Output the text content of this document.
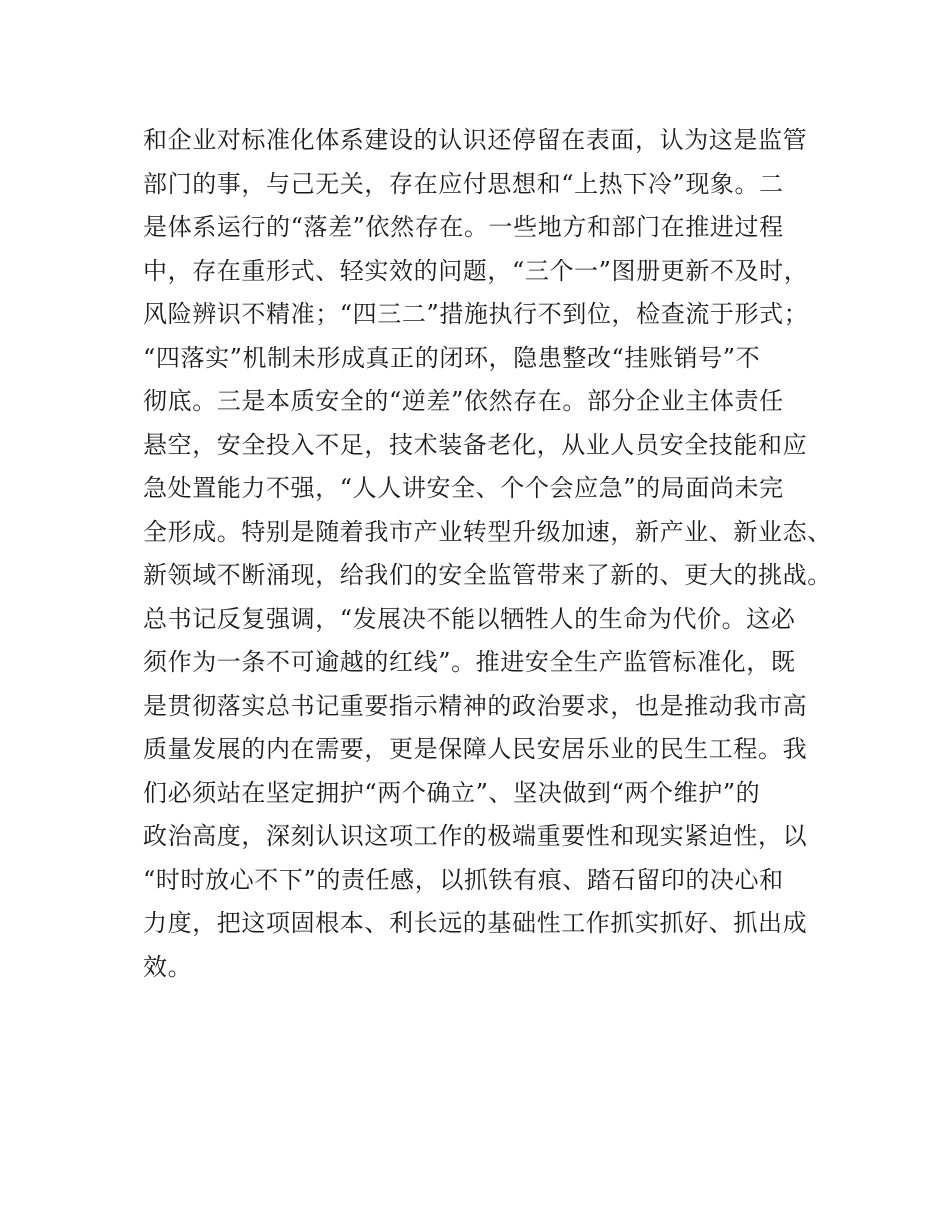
和企业对标准化体系建设的认识还停留在表面，认为这是监管
部门的事，与己无关，存在应付思想和“上热下冷”现象。二
是体系运行的“落差”依然存在。一些地方和部门在推进过程
中，存在重形式、轻实效的问题，“三个一”图册更新不及时，
风险辨识不精准；“四三二”措施执行不到位，检查流于形式；
“四落实”机制未形成真正的闭环，隐患整改“挂账销号”不
彻底。三是本质安全的“逆差”依然存在。部分企业主体责任
悬空，安全投入不足，技术装备老化，从业人员安全技能和应
急处置能力不强，“人人讲安全、个个会应急”的局面尚未完
全形成。特别是随着我市产业转型升级加速，新产业、新业态、
新领域不断涌现，给我们的安全监管带来了新的、更大的挑战。
总书记反复强调，“发展决不能以牺牲人的生命为代价。这必
须作为一条不可逾越的红线”。推进安全生产监管标准化，既
是贯彻落实总书记重要指示精神的政治要求，也是推动我市高
质量发展的内在需要，更是保障人民安居乐业的民生工程。我
们必须站在坚定拥护“两个确立”、坚决做到“两个维护”的
政治高度，深刻认识这项工作的极端重要性和现实紧迫性，以
“时时放心不下”的责任感，以抓铁有痕、踏石留印的决心和
力度，把这项固根本、利长远的基础性工作抓实抓好、抓出成
效。
